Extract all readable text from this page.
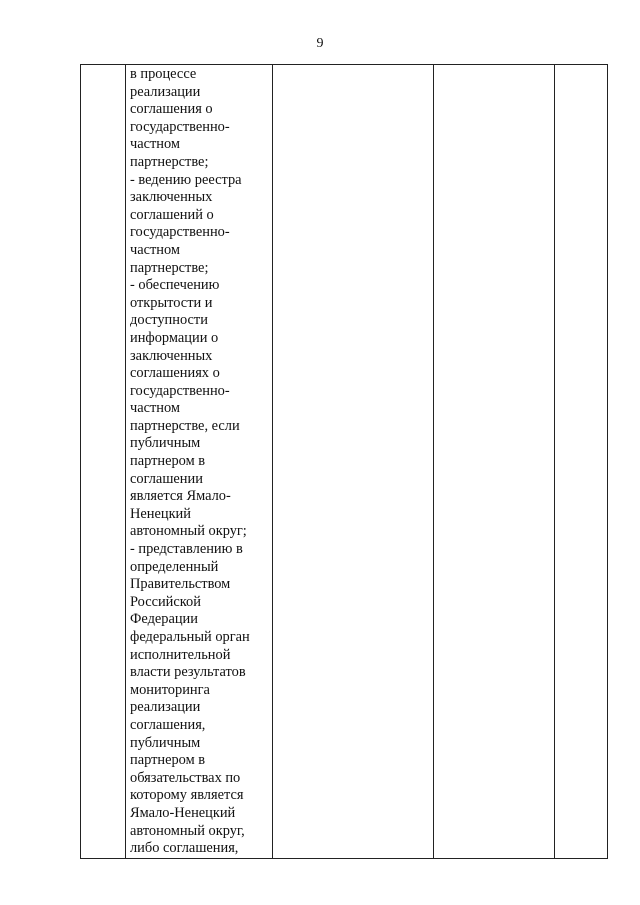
9

в процессе
реализации
соглашения о
государственно-
частном
партнерстве;
- ведению реестра
заключенных
соглашений о
государственно-
частном
партнерстве;
- обеспечению
открытости и
доступности
информации о
заключенных
соглашениях о
государственно-
частном
партнерстве, если
публичным
партнером в
соглашении
является Ямало-
Ненецкий
автономный округ;
- представлению в
определенный
Правительством
Российской
Федерации
федеральный орган
исполнительной
власти результатов
мониторинга
реализации
соглашения,
публичным
партнером в
обязательствах по
которому является
Ямало-Ненецкий
автономный округ,
либо соглашения,
